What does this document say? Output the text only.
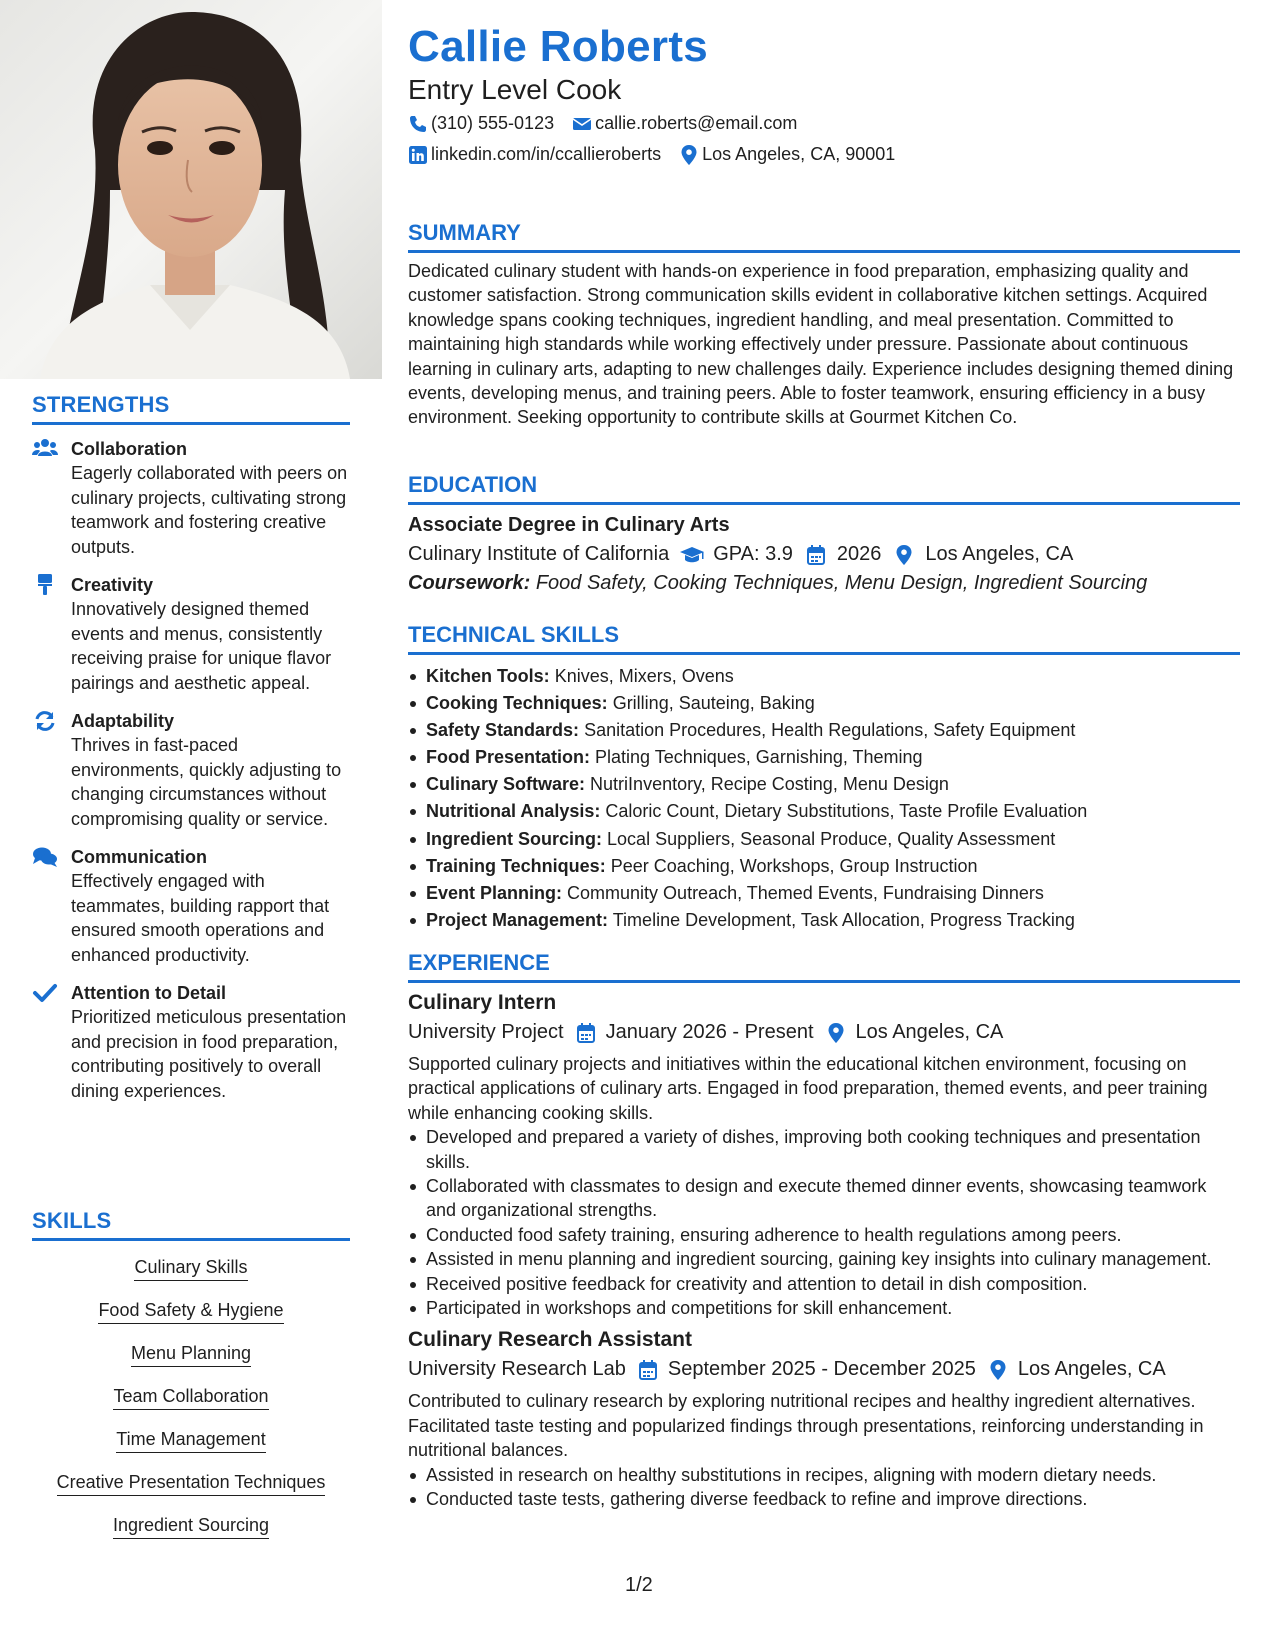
STRENGTHS
Collaboration
Eagerly collaborated with peers on culinary projects, cultivating strong teamwork and fostering creative outputs.
Creativity
Innovatively designed themed events and menus, consistently receiving praise for unique flavor pairings and aesthetic appeal.
Adaptability
Thrives in fast-paced environments, quickly adjusting to changing circumstances without compromising quality or service.
Communication
Effectively engaged with teammates, building rapport that ensured smooth operations and enhanced productivity.
Attention to Detail
Prioritized meticulous presentation and precision in food preparation, contributing positively to overall dining experiences.
SKILLS
Culinary Skills
Food Safety & Hygiene
Menu Planning
Team Collaboration
Time Management
Creative Presentation Techniques
Ingredient Sourcing
Callie Roberts
Entry Level Cook
(310) 555-0123 callie.roberts@email.com
linkedin.com/in/ccallieroberts Los Angeles, CA, 90001
SUMMARY
Dedicated culinary student with hands-on experience in food preparation, emphasizing quality and customer satisfaction. Strong communication skills evident in collaborative kitchen settings. Acquired knowledge spans cooking techniques, ingredient handling, and meal presentation. Committed to maintaining high standards while working effectively under pressure. Passionate about continuous learning in culinary arts, adapting to new challenges daily. Experience includes designing themed dining events, developing menus, and training peers. Able to foster teamwork, ensuring efficiency in a busy environment. Seeking opportunity to contribute skills at Gourmet Kitchen Co.
EDUCATION
Associate Degree in Culinary Arts
Culinary Institute of California GPA: 3.9 2026 Los Angeles, CA
Coursework: Food Safety, Cooking Techniques, Menu Design, Ingredient Sourcing
TECHNICAL SKILLS
Kitchen Tools: Knives, Mixers, Ovens
Cooking Techniques: Grilling, Sauteing, Baking
Safety Standards: Sanitation Procedures, Health Regulations, Safety Equipment
Food Presentation: Plating Techniques, Garnishing, Theming
Culinary Software: NutriInventory, Recipe Costing, Menu Design
Nutritional Analysis: Caloric Count, Dietary Substitutions, Taste Profile Evaluation
Ingredient Sourcing: Local Suppliers, Seasonal Produce, Quality Assessment
Training Techniques: Peer Coaching, Workshops, Group Instruction
Event Planning: Community Outreach, Themed Events, Fundraising Dinners
Project Management: Timeline Development, Task Allocation, Progress Tracking
EXPERIENCE
Culinary Intern
University Project January 2026 - Present Los Angeles, CA
Supported culinary projects and initiatives within the educational kitchen environment, focusing on practical applications of culinary arts. Engaged in food preparation, themed events, and peer training while enhancing cooking skills.
Developed and prepared a variety of dishes, improving both cooking techniques and presentation skills.
Collaborated with classmates to design and execute themed dinner events, showcasing teamwork and organizational strengths.
Conducted food safety training, ensuring adherence to health regulations among peers.
Assisted in menu planning and ingredient sourcing, gaining key insights into culinary management.
Received positive feedback for creativity and attention to detail in dish composition.
Participated in workshops and competitions for skill enhancement.
Culinary Research Assistant
University Research Lab September 2025 - December 2025 Los Angeles, CA
Contributed to culinary research by exploring nutritional recipes and healthy ingredient alternatives. Facilitated taste testing and popularized findings through presentations, reinforcing understanding in nutritional balances.
Assisted in research on healthy substitutions in recipes, aligning with modern dietary needs.
Conducted taste tests, gathering diverse feedback to refine and improve directions.
1/2
